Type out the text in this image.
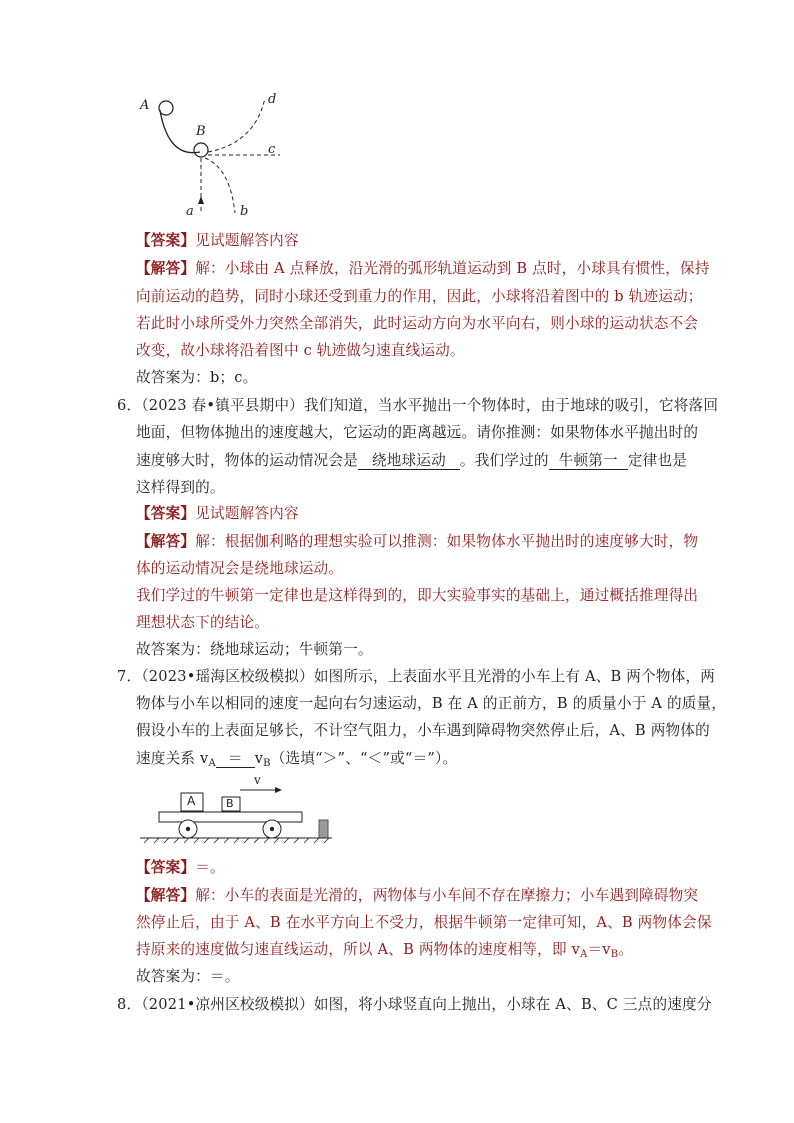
A
B
d
c
a	b
【答案】见试题解答内容
【解答】解：小球由 A 点释放，沿光滑的弧形轨道运动到 B 点时，小球具有惯性，保持
向前运动的趋势，同时小球还受到重力的作用，因此，小球将沿着图中的 b 轨迹运动；
若此时小球所受外力突然全部消失，此时运动方向为水平向右，则小球的运动状态不会
改变，故小球将沿着图中 c 轨迹做匀速直线运动。
故答案为：b；c。
6．（2023 春•镇平县期中）我们知道，当水平抛出一个物体时，由于地球的吸引，它将落回
地面，但物体抛出的速度越大，它运动的距离越远。请你推测：如果物体水平抛出时的
速度够大时，物体的运动情况会是 绕地球运动 。我们学过的 牛顿第一 定律也是
这样得到的。
【答案】见试题解答内容
【解答】解：根据伽利略的理想实验可以推测：如果物体水平抛出时的速度够大时，物
体的运动情况会是绕地球运动。
我们学过的牛顿第一定律也是这样得到的，即大实验事实的基础上，通过概括推理得出
理想状态下的结论。
故答案为：绕地球运动；牛顿第一。
7．（2023•瑶海区校级模拟）如图所示，上表面水平且光滑的小车上有 A、B 两个物体，两
物体与小车以相同的速度一起向右匀速运动，B 在 A 的正前方，B 的质量小于 A 的质量，
假设小车的上表面足够长，不计空气阻力，小车遇到障碍物突然停止后，A、B 两物体的
速度关系 $v_A = v_B$（选填“＞”、“＜”或“＝”）。
A	B
v
【答案】＝。
【解答】解：小车的表面是光滑的，两物体与小车间不存在摩擦力；小车遇到障碍物突
然停止后，由于 A、B 在水平方向上不受力，根据牛顿第一定律可知，A、B 两物体会保
持原来的速度做匀速直线运动，所以 A、B 两物体的速度相等，即 $v_A=v_B$。
故答案为：＝。
8．（2021•凉州区校级模拟）如图，将小球竖直向上抛出，小球在 A、B、C 三点的速度分
